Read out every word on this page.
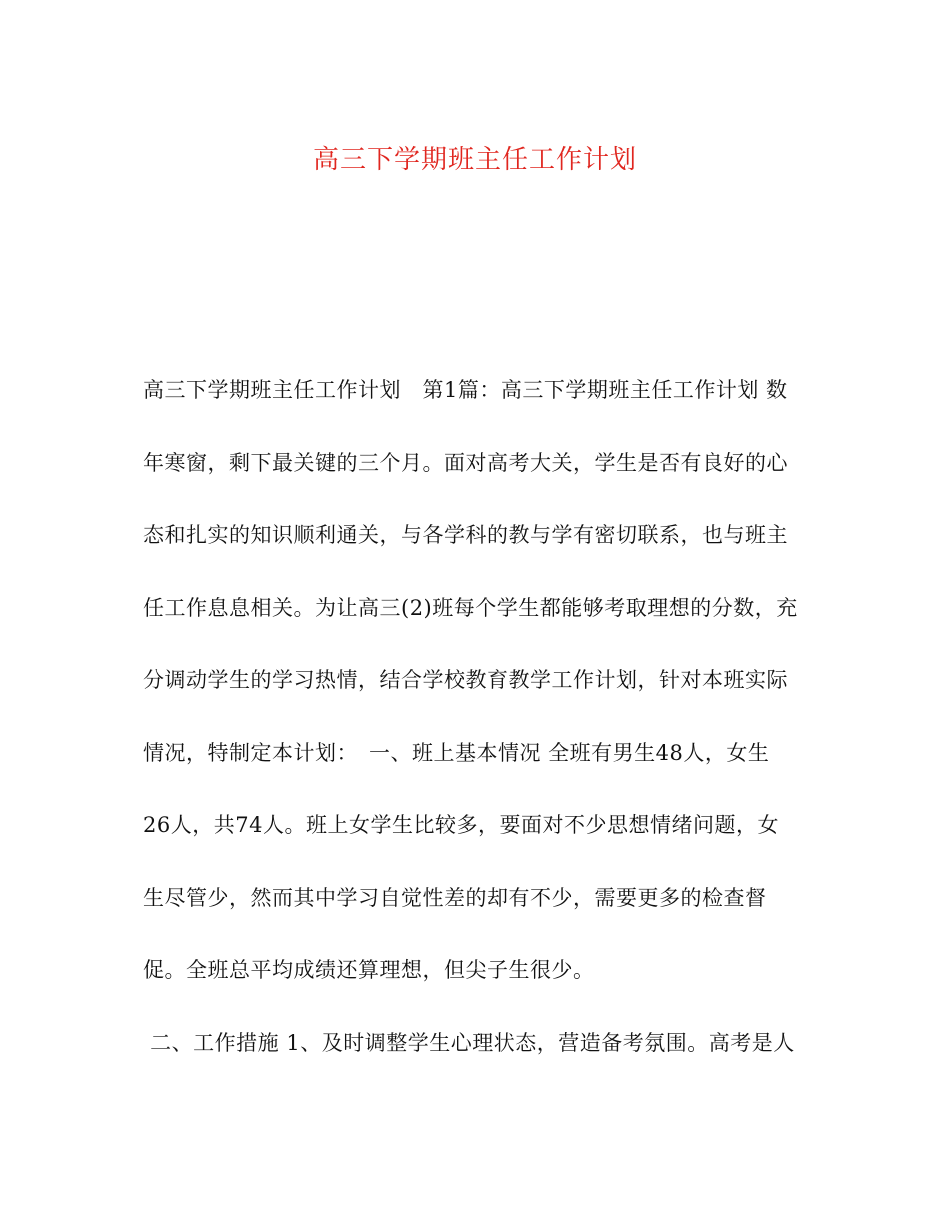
高三下学期班主任工作计划
高三下学期班主任工作计划　第1篇：高三下学期班主任工作计划 数
年寒窗，剩下最关键的三个月。面对高考大关，学生是否有良好的心
态和扎实的知识顺利通关，与各学科的教与学有密切联系，也与班主
任工作息息相关。为让高三(2)班每个学生都能够考取理想的分数，充
分调动学生的学习热情，结合学校教育教学工作计划，针对本班实际
情况，特制定本计划：　一、班上基本情况 全班有男生48人，女生
26人，共74人。班上女学生比较多，要面对不少思想情绪问题，女
生尽管少，然而其中学习自觉性差的却有不少，需要更多的检查督
促。全班总平均成绩还算理想，但尖子生很少。
二、工作措施 1、及时调整学生心理状态，营造备考氛围。高考是人
